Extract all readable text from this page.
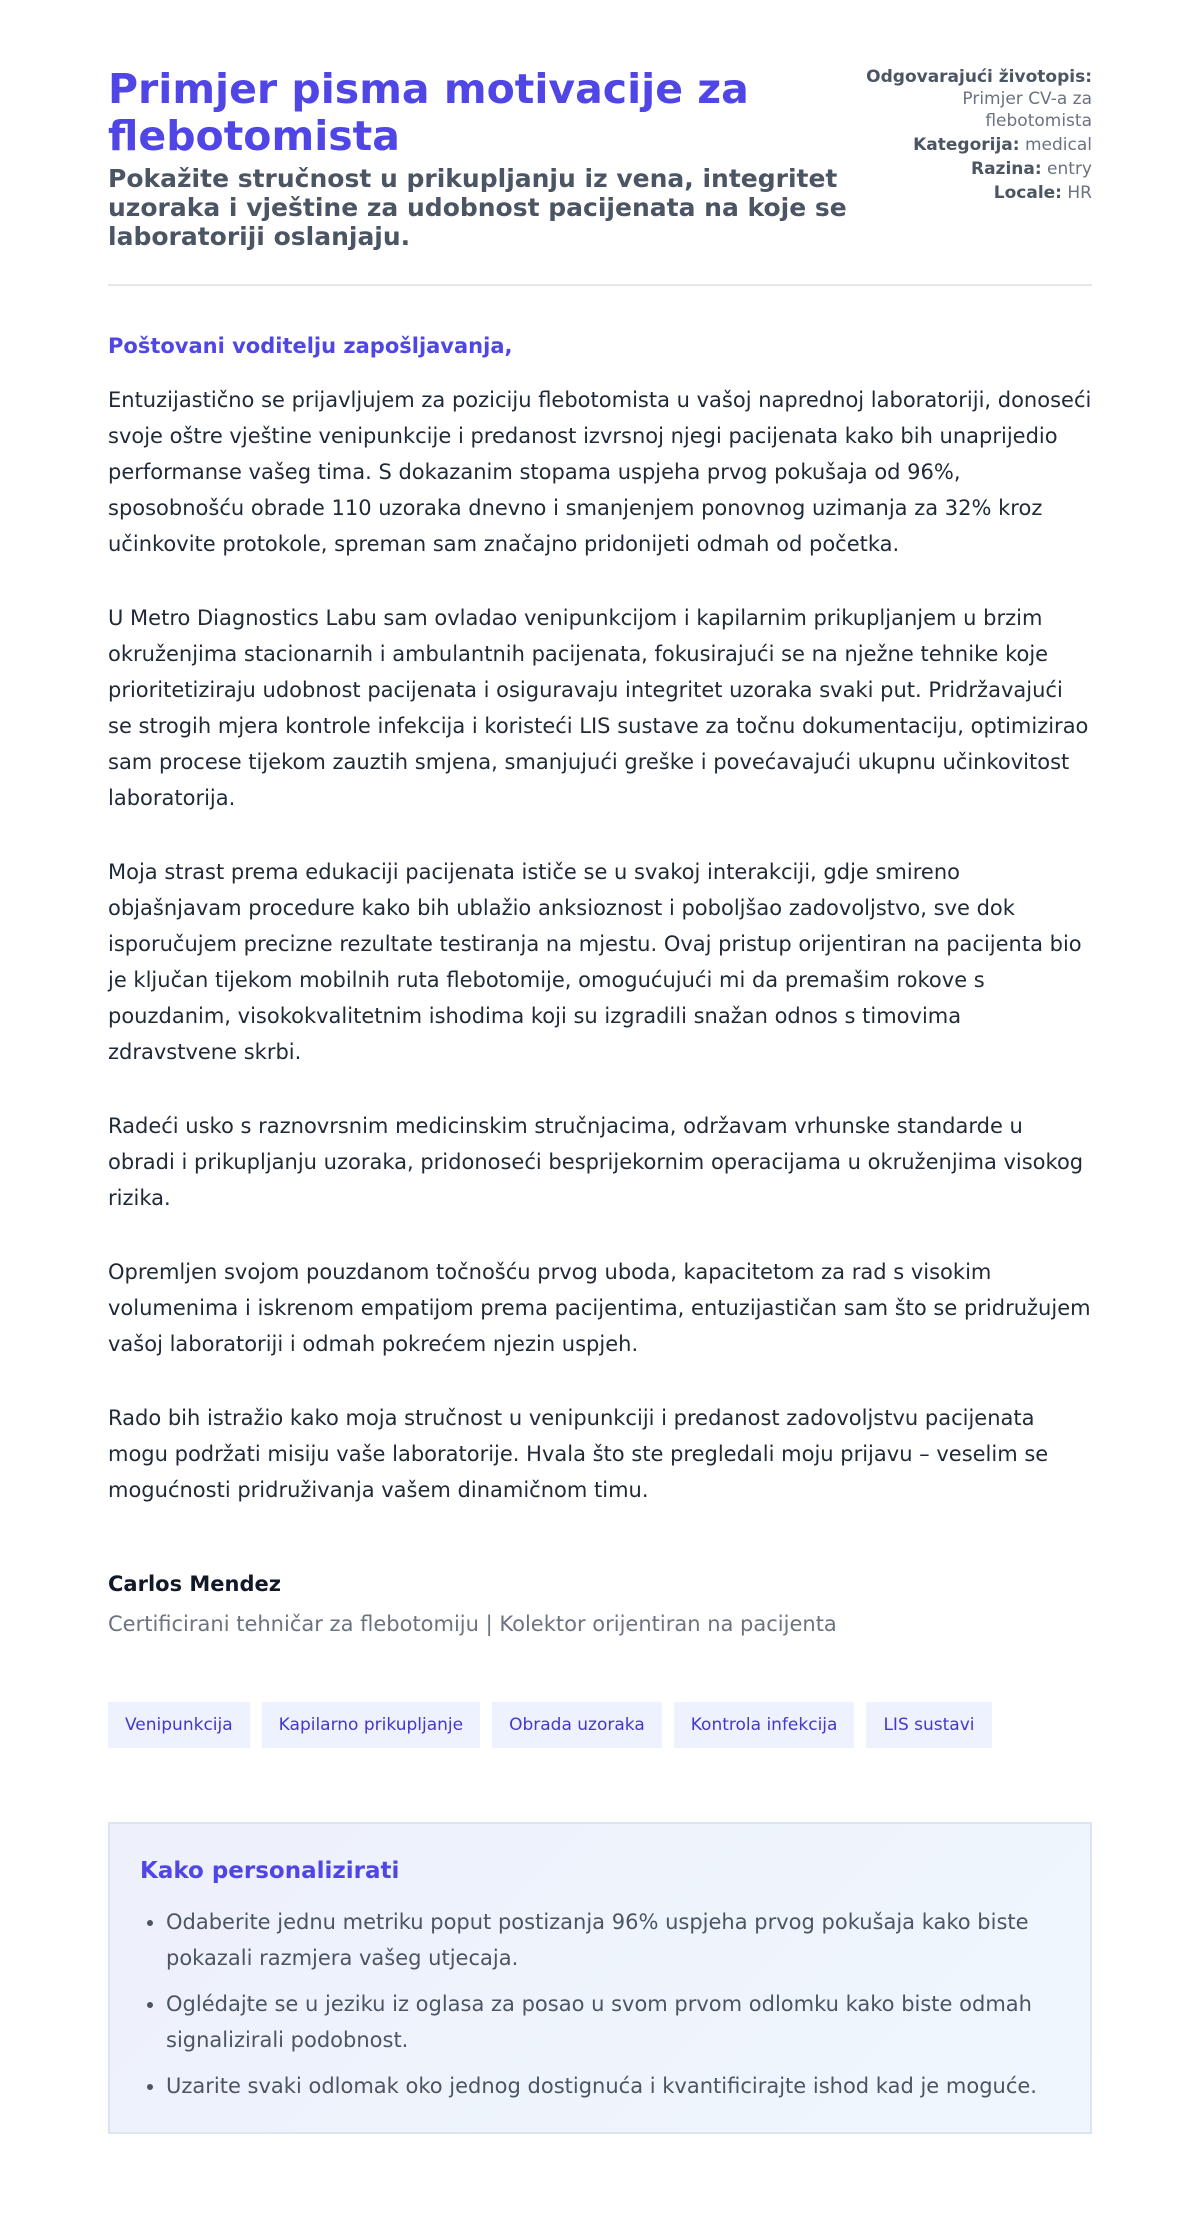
Primjer pisma motivacije za flebotomista
Pokažite stručnost u prikupljanju iz vena, integritet uzoraka i vještine za udobnost pacijenata na koje se laboratoriji oslanjaju.
Odgovarajući životopis: Primjer CV-a za flebotomista
Kategorija: medical
Razina: entry
Locale: HR
Poštovani voditelju zapošljavanja,

Entuzijastično se prijavljujem za poziciju flebotomista u vašoj naprednoj laboratoriji, donoseći svoje oštre vještine venipunkcije i predanost izvrsnoj njegi pacijenata kako bih unaprijedio performanse vašeg tima. S dokazanim stopama uspjeha prvog pokušaja od 96%, sposobnošću obrade 110 uzoraka dnevno i smanjenjem ponovnog uzimanja za 32% kroz učinkovite protokole, spreman sam značajno pridonijeti odmah od početka.

U Metro Diagnostics Labu sam ovladao venipunkcijom i kapilarnim prikupljanjem u brzim okruženjima stacionarnih i ambulantnih pacijenata, fokusirajući se na nježne tehnike koje prioritetiziraju udobnost pacijenata i osiguravaju integritet uzoraka svaki put. Pridržavajući se strogih mjera kontrole infekcija i koristeći LIS sustave za točnu dokumentaciju, optimizirao sam procese tijekom zauztih smjena, smanjujući greške i povećavajući ukupnu učinkovitost laboratorija.

Moja strast prema edukaciji pacijenata ističe se u svakoj interakciji, gdje smireno objašnjavam procedure kako bih ublažio anksioznost i poboljšao zadovoljstvo, sve dok isporučujem precizne rezultate testiranja na mjestu. Ovaj pristup orijentiran na pacijenta bio je ključan tijekom mobilnih ruta flebotomije, omogućujući mi da premašim rokove s pouzdanim, visokokvalitetnim ishodima koji su izgradili snažan odnos s timovima zdravstvene skrbi.

Radeći usko s raznovrsnim medicinskim stručnjacima, održavam vrhunske standarde u obradi i prikupljanju uzoraka, pridonoseći besprijekornim operacijama u okruženjima visokog rizika.

Opremljen svojom pouzdanom točnošću prvog uboda, kapacitetom za rad s visokim volumenima i iskrenom empatijom prema pacijentima, entuzijastičan sam što se pridružujem vašoj laboratoriji i odmah pokrećem njezin uspjeh.

Rado bih istražio kako moja stručnost u venipunkciji i predanost zadovoljstvu pacijenata mogu podržati misiju vaše laboratorije. Hvala što ste pregledali moju prijavu – veselim se mogućnosti pridruživanja vašem dinamičnom timu.

Carlos Mendez
Certificirani tehničar za flebotomiju | Kolektor orijentiran na pacijenta
Venipunkcija	Kapilarno prikupljanje	Obrada uzoraka	Kontrola infekcija	LIS sustavi
Kako personalizirati
• Odaberite jednu metriku poput postizanja 96% uspjeha prvog pokušaja kako biste pokazali razmjera vašeg utjecaja.
• Oglédajte se u jeziku iz oglasa za posao u svom prvom odlomku kako biste odmah signalizirali podobnost.
• Uzarite svaki odlomak oko jednog dostignuća i kvantificirajte ishod kad je moguće.
